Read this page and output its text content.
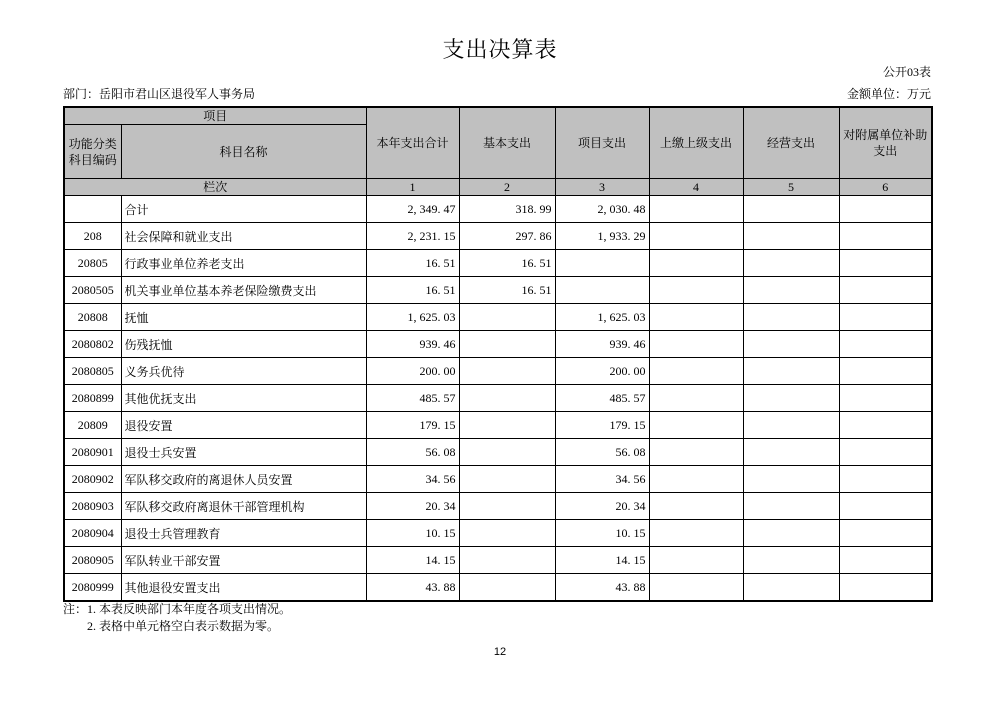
支出决算表
公开03表
部门：岳阳市君山区退役军人事务局	金额单位：万元
项目		本年支出合计	基本支出	项目支出	上缴上级支出	经营支出	对附属单位补助支出
功能分类科目编码	科目名称						
栏次		1	2	3	4	5	6
	合计	2, 349. 47	318. 99	2, 030. 48			
208	社会保障和就业支出	2, 231. 15	297. 86	1, 933. 29			
20805	行政事业单位养老支出	16. 51	16. 51				
2080505	机关事业单位基本养老保险缴费支出	16. 51	16. 51				
20808	抚恤	1, 625. 03		1, 625. 03			
2080802	伤残抚恤	939. 46		939. 46			
2080805	义务兵优待	200. 00		200. 00			
2080899	其他优抚支出	485. 57		485. 57			
20809	退役安置	179. 15		179. 15			
2080901	退役士兵安置	56. 08		56. 08			
2080902	军队移交政府的离退休人员安置	34. 56		34. 56			
2080903	军队移交政府离退休干部管理机构	20. 34		20. 34			
2080904	退役士兵管理教育	10. 15		10. 15			
2080905	军队转业干部安置	14. 15		14. 15			
2080999	其他退役安置支出	43. 88		43. 88			
注：1. 本表反映部门本年度各项支出情况。
2. 表格中单元格空白表示数据为零。
12
